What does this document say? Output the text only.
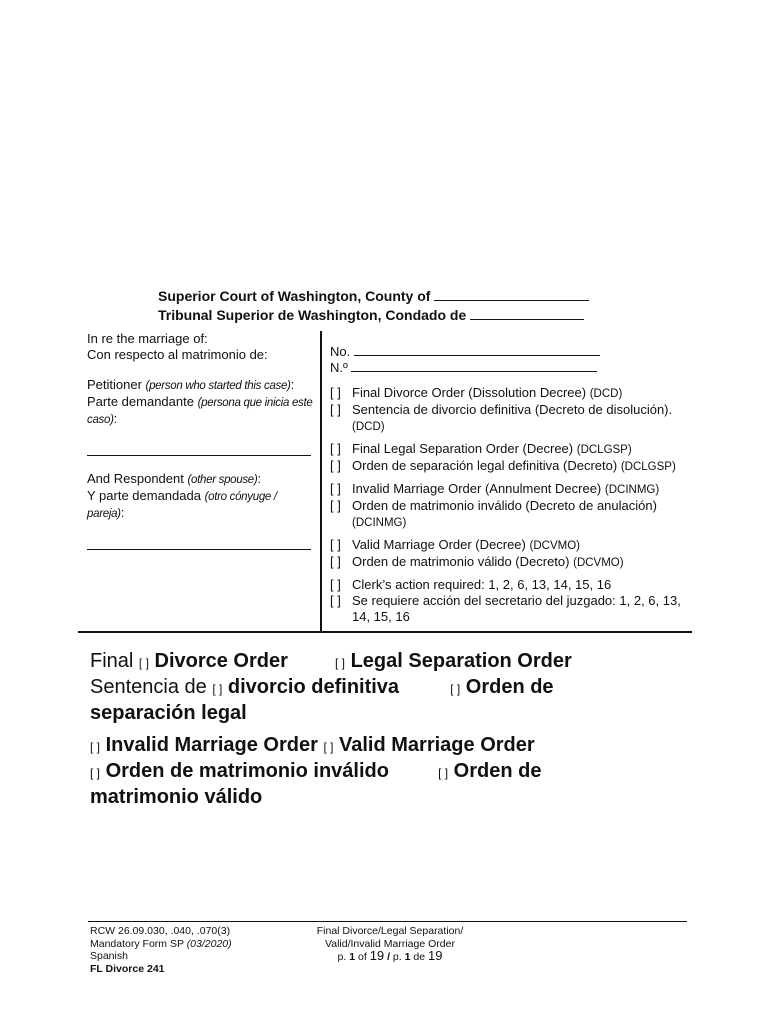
Superior Court of Washington, County of
Tribunal Superior de Washington, Condado de
In re the marriage of:
Con respecto al matrimonio de:
Petitioner (person who started this case):
Parte demandante (persona que inicia este caso):
And Respondent (other spouse):
Y parte demandada (otro cónyuge / pareja):
No.
N.º
[ ] Final Divorce Order (Dissolution Decree) (DCD)
[ ] Sentencia de divorcio definitiva (Decreto de disolución). (DCD)
[ ] Final Legal Separation Order (Decree) (DCLGSP)
[ ] Orden de separación legal definitiva (Decreto) (DCLGSP)
[ ] Invalid Marriage Order (Annulment Decree) (DCINMG)
[ ] Orden de matrimonio inválido (Decreto de anulación) (DCINMG)
[ ] Valid Marriage Order (Decree) (DCVMO)
[ ] Orden de matrimonio válido (Decreto) (DCVMO)
[ ] Clerk’s action required: 1, 2, 6, 13, 14, 15, 16
[ ] Se requiere acción del secretario del juzgado: 1, 2, 6, 13, 14, 15, 16
Final [ ] Divorce Order	[ ] Legal Separation Order
Sentencia de [ ] divorcio definitiva	[ ] Orden de
separación legal
[ ] Invalid Marriage Order [ ] Valid Marriage Order
[ ] Orden de matrimonio inválido	[ ] Orden de
matrimonio válido
RCW 26.09.030, .040, .070(3)
Mandatory Form SP (03/2020)
Spanish
FL Divorce 241
Final Divorce/Legal Separation/
Valid/Invalid Marriage Order
p. 1 of 19 / p. 1 de 19
